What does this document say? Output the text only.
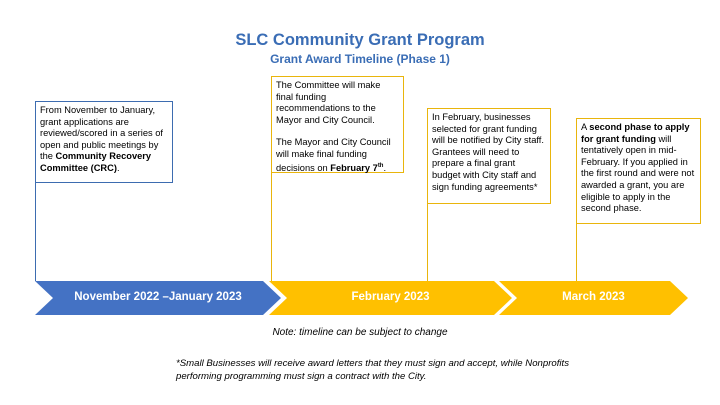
SLC Community Grant Program
Grant Award Timeline (Phase 1)

From November to January, grant applications are reviewed/scored in a series of open and public meetings by the Community Recovery Committee (CRC).

The Committee will make final funding recommendations to the Mayor and City Council.

The Mayor and City Council will make final funding decisions on February 7th.

In February, businesses selected for grant funding will be notified by City staff. Grantees will need to prepare a final grant budget with City staff and sign funding agreements*

A second phase to apply for grant funding will tentatively open in mid-February. If you applied in the first round and were not awarded a grant, you are eligible to apply in the second phase.

November 2022 –January 2023	February 2023	March 2023
Note: timeline can be subject to change
*Small Businesses will receive award letters that they must sign and accept, while Nonprofits performing programming must sign a contract with the City.
